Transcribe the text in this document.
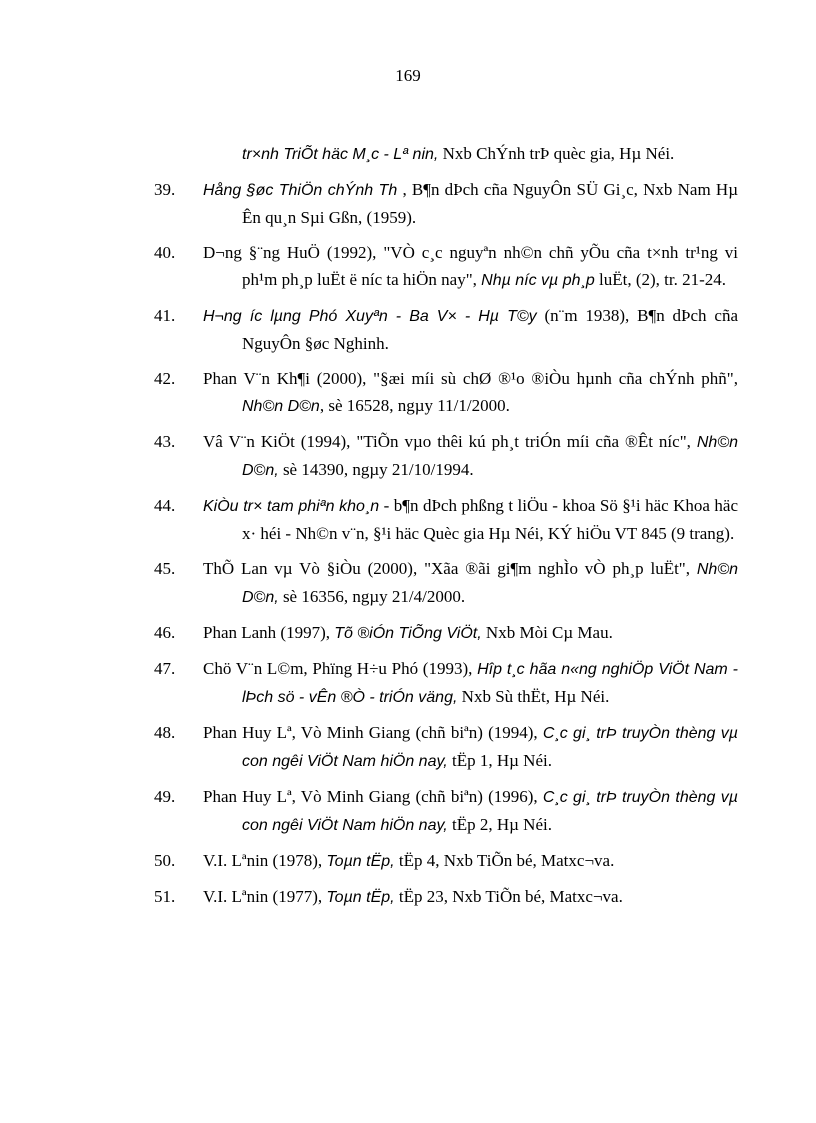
169
tr×nh TriÕt häc M¸c - Lª nin, Nxb ChÝnh trÞ quèc gia, Hµ Néi.
39.	Hång §øc ThiÖn chÝnh Th , B¶n dÞch cña NguyÔn SÜ Gi¸c, Nxb Nam Hµ Ên qu¸n Sµi Gßn, (1959).
40.	D¬ng §¨ng HuÖ (1992), "VÒ c¸c nguyªn nh©n chñ yÕu cña t×nh tr¹ng vi ph¹m ph¸p luËt ë níc ta hiÖn nay", Nhµ níc vµ ph¸p luËt, (2), tr. 21-24.
41.	H¬ng íc lµng Phó Xuyªn - Ba V× - Hµ T©y (n¨m 1938), B¶n dÞch cña NguyÔn §øc Nghinh.
42.	Phan V¨n Kh¶i (2000), "§æi míi sù chØ ®¹o ®iÒu hµnh cña chÝnh phñ", Nh©n D©n, sè 16528, ngµy 11/1/2000.
43.	Vâ V¨n KiÖt (1994), "TiÕn vµo thêi kú ph¸t triÓn míi cña ®Êt níc", Nh©n D©n, sè 14390, ngµy 21/10/1994.
44.	KiÒu tr× tam phiªn kho¸n - b¶n dÞch phßng t liÖu - khoa Sö §¹i häc Khoa häc x· héi - Nh©n v¨n, §¹i häc Quèc gia Hµ Néi, KÝ hiÖu VT 845 (9 trang).
45.	ThÕ Lan vµ Vò §iÒu (2000), "Xãa ®ãi gi¶m nghÌo vÒ ph¸p luËt", Nh©n D©n, sè 16356, ngµy 21/4/2000.
46.	Phan Lanh (1997), Tõ ®iÓn TiÕng ViÖt, Nxb Mòi Cµ Mau.
47.	Chö V¨n L©m, Phïng H÷u Phó (1993), Hîp t¸c hãa n«ng nghiÖp ViÖt Nam - lÞch sö - vÊn ®Ò - triÓn väng, Nxb Sù thËt, Hµ Néi.
48.	Phan Huy Lª, Vò Minh Giang (chñ biªn) (1994), C¸c gi¸ trÞ truyÒn thèng vµ con ngêi ViÖt Nam hiÖn nay, tËp 1, Hµ Néi.
49.	Phan Huy Lª, Vò Minh Giang (chñ biªn) (1996), C¸c gi¸ trÞ truyÒn thèng vµ con ngêi ViÖt Nam hiÖn nay, tËp 2, Hµ Néi.
50.	V.I. Lªnin (1978), Toµn tËp, tËp 4, Nxb TiÕn bé, Matxc¬va.
51.	V.I. Lªnin (1977), Toµn tËp, tËp 23, Nxb TiÕn bé, Matxc¬va.
